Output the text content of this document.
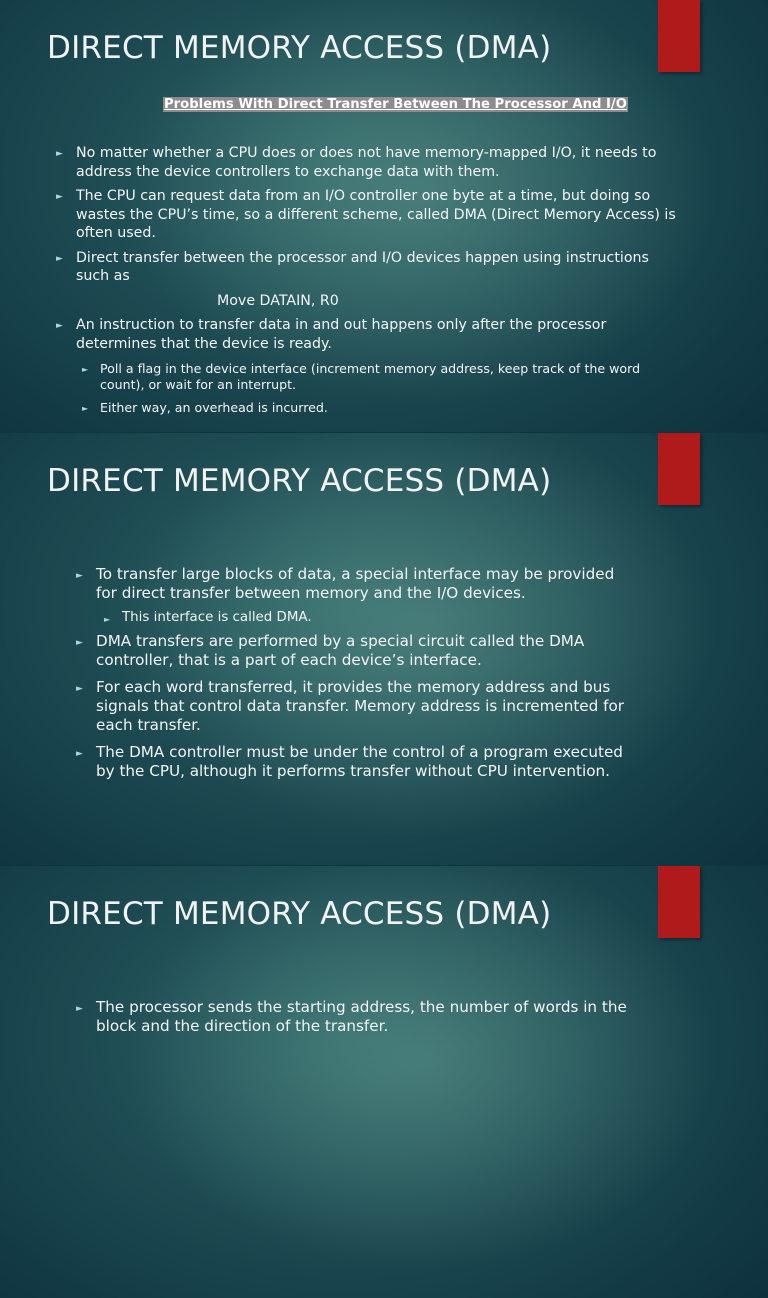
DIRECT MEMORY ACCESS (DMA)
Problems With Direct Transfer Between The Processor And I/O
► No matter whether a CPU does or does not have memory-mapped I/O, it needs to address the device controllers to exchange data with them.
► The CPU can request data from an I/O controller one byte at a time, but doing so wastes the CPU’s time, so a different scheme, called DMA (Direct Memory Access) is often used.
► Direct transfer between the processor and I/O devices happen using instructions such as
Move DATAIN, R0
► An instruction to transfer data in and out happens only after the processor determines that the device is ready.
► Poll a flag in the device interface (increment memory address, keep track of the word count), or wait for an interrupt.
► Either way, an overhead is incurred.
DIRECT MEMORY ACCESS (DMA)
► To transfer large blocks of data, a special interface may be provided for direct transfer between memory and the I/O devices.
► This interface is called DMA.
► DMA transfers are performed by a special circuit called the DMA controller, that is a part of each device’s interface.
► For each word transferred, it provides the memory address and bus signals that control data transfer. Memory address is incremented for each transfer.
► The DMA controller must be under the control of a program executed by the CPU, although it performs transfer without CPU intervention.
DIRECT MEMORY ACCESS (DMA)
► The processor sends the starting address, the number of words in the block and the direction of the transfer.
